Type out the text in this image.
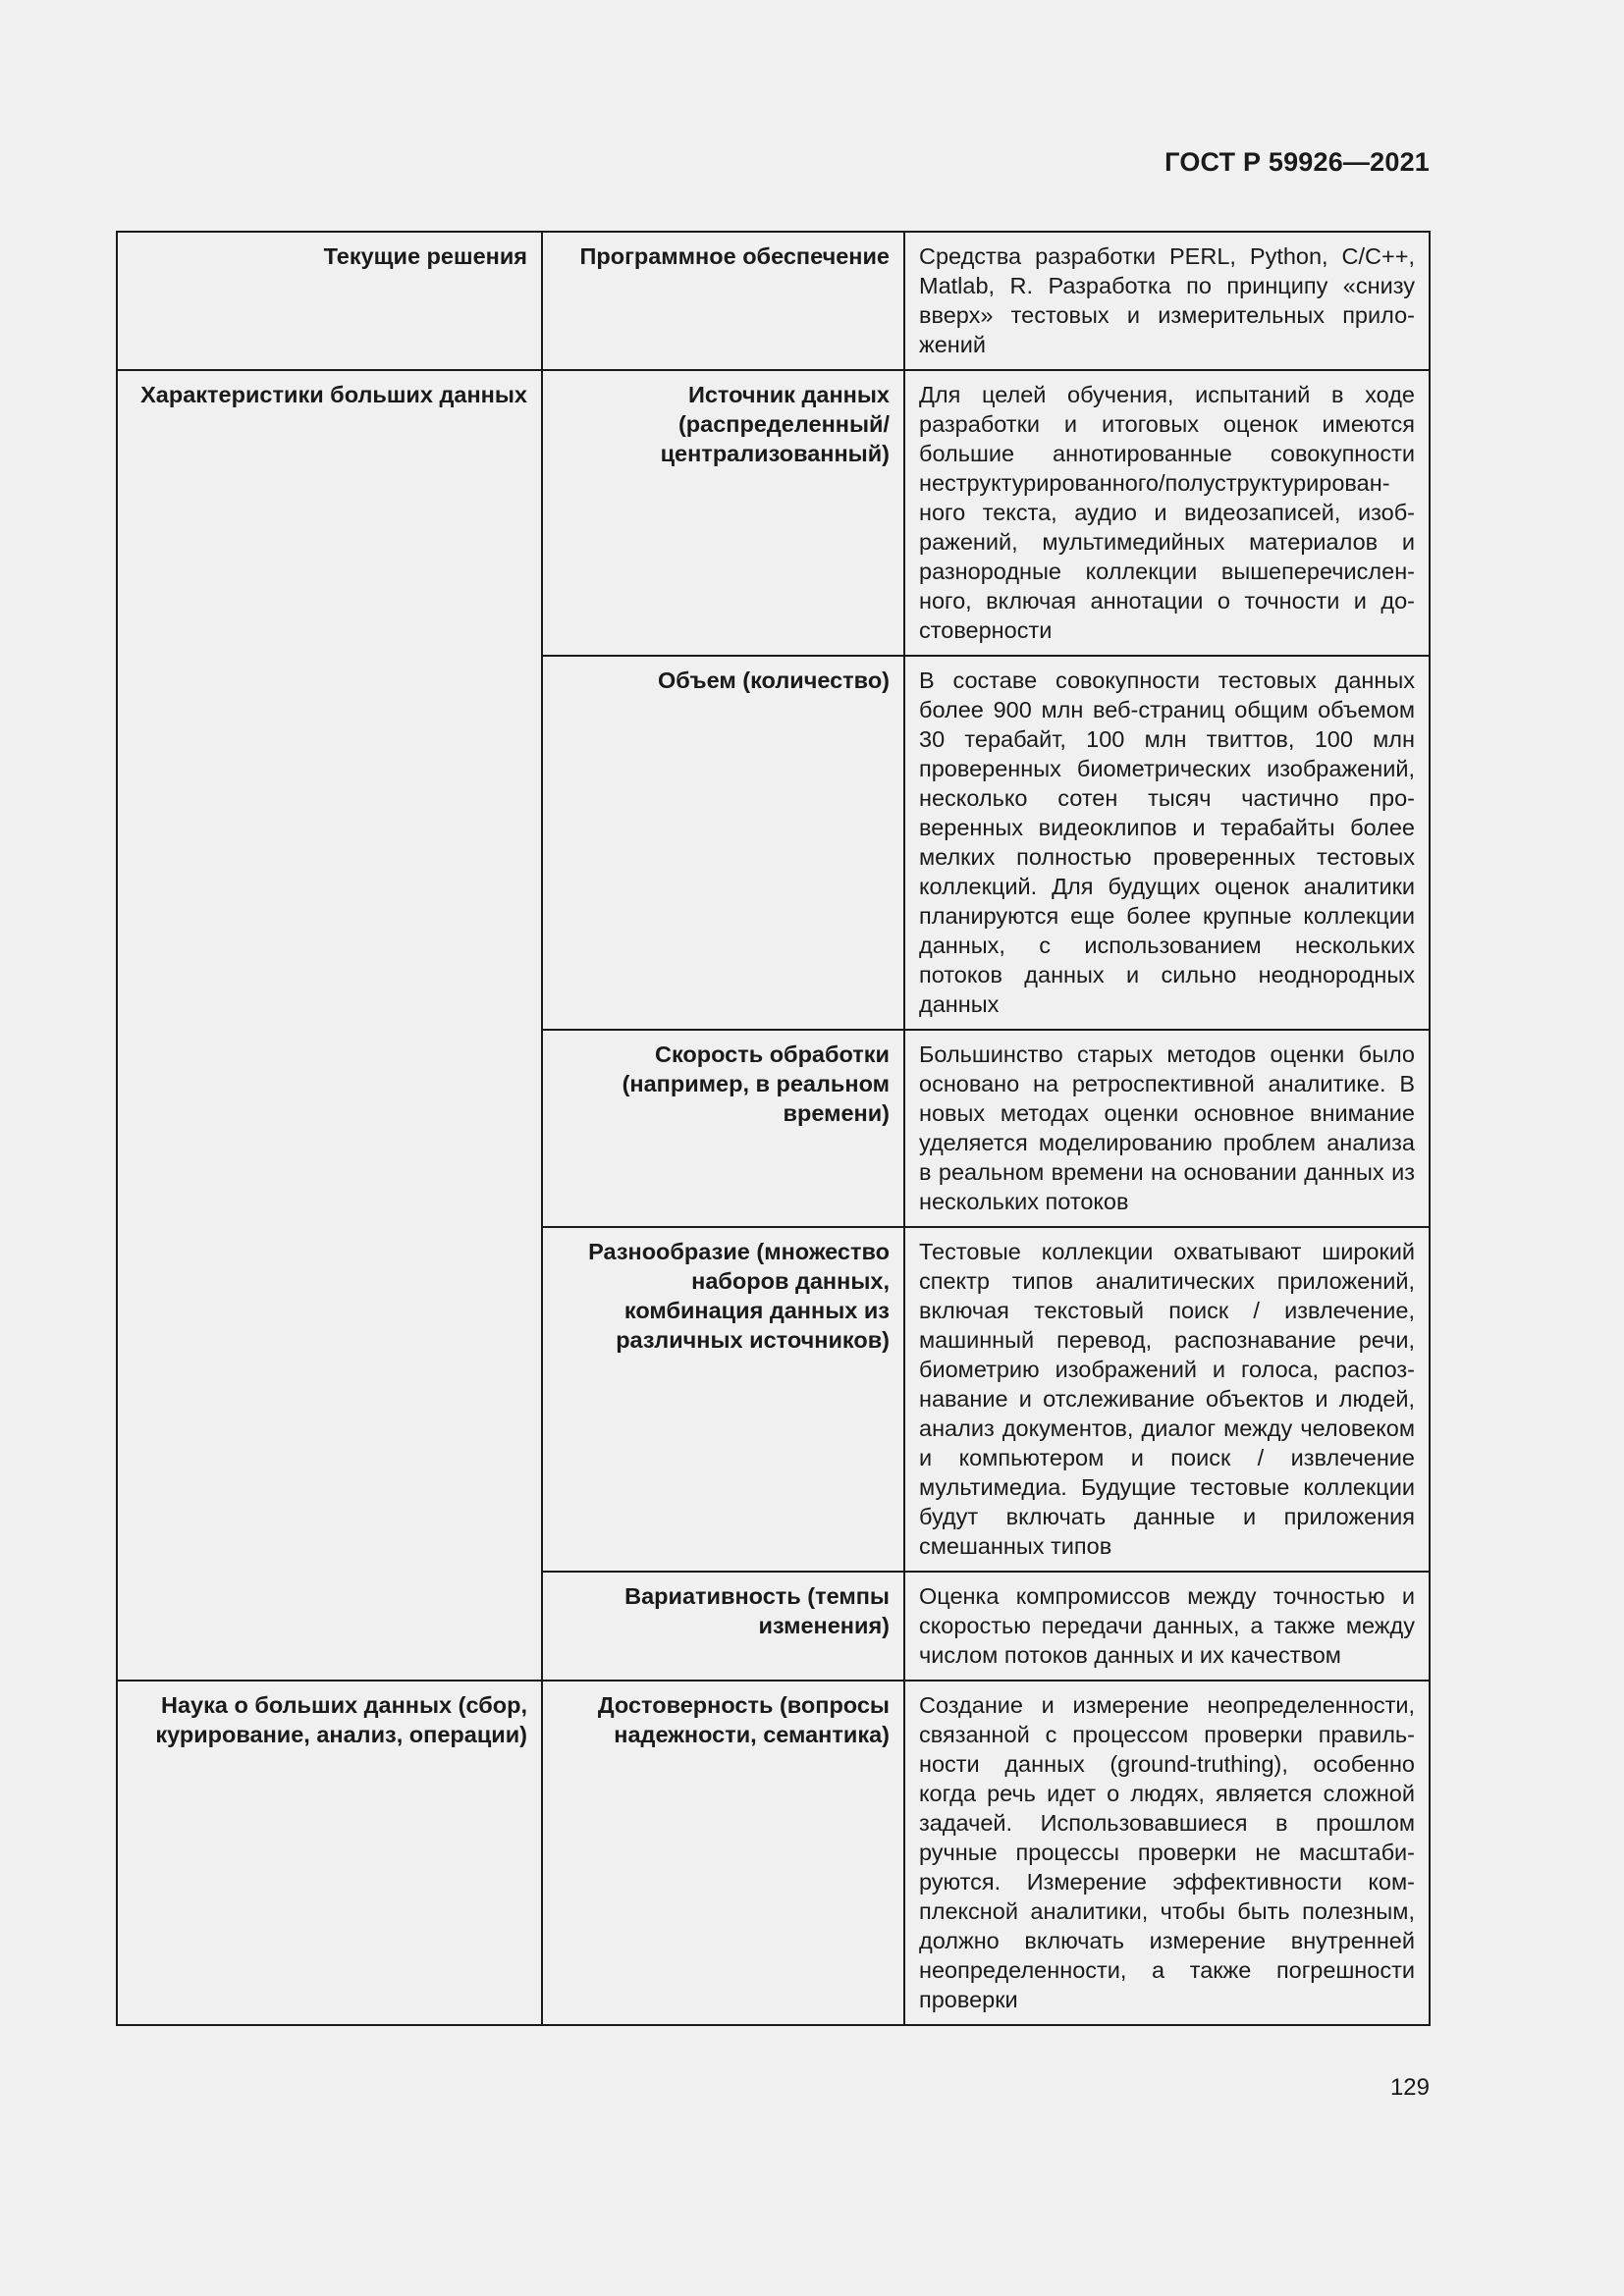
ГОСТ Р 59926—2021
Текущие решения	Программное обеспечение	Средства разработки PERL, Python, C/C++, Matlab, R. Разработка по принципу «снизу вверх» тестовых и измерительных приложений
Характеристики больших данных	Источник данных (распределенный/ централизованный)	Для целей обучения, испытаний в ходе разработки и итоговых оценок имеются большие аннотированные совокупности неструктурированного/полуструктурированного текста, аудио и видеозаписей, изображений, мультимедийных материалов и разнородные коллекции вышеперечисленного, включая аннотации о точности и достоверности
	Объем (количество)	В составе совокупности тестовых данных более 900 млн веб-страниц общим объемом 30 терабайт, 100 млн твиттов, 100 млн проверенных биометрических изображений, несколько сотен тысяч частично проверенных видеоклипов и терабайты более мелких полностью проверенных тестовых коллекций. Для будущих оценок аналитики планируются еще более крупные коллекции данных, с использованием нескольких потоков данных и сильно неоднородных данных
	Скорость обработки (например, в реальном времени)	Большинство старых методов оценки было основано на ретроспективной аналитике. В новых методах оценки основное внимание уделяется моделированию проблем анализа в реальном времени на основании данных из нескольких потоков
	Разнообразие (множество наборов данных, комбинация данных из различных источников)	Тестовые коллекции охватывают широкий спектр типов аналитических приложений, включая текстовый поиск / извлечение, машинный перевод, распознавание речи, биометрию изображений и голоса, распознавание и отслеживание объектов и людей, анализ документов, диалог между человеком и компьютером и поиск / извлечение мультимедиа. Будущие тестовые коллекции будут включать данные и приложения смешанных типов
	Вариативность (темпы изменения)	Оценка компромиссов между точностью и скоростью передачи данных, а также между числом потоков данных и их качеством
Наука о больших данных (сбор, курирование, анализ, операции)	Достоверность (вопросы надежности, семантика)	Создание и измерение неопределенности, связанной с процессом проверки правильности данных (ground-truthing), особенно когда речь идет о людях, является сложной задачей. Использовавшиеся в прошлом ручные процессы проверки не масштабируются. Измерение эффективности комплексной аналитики, чтобы быть полезным, должно включать измерение внутренней неопределенности, а также погрешности проверки
129
